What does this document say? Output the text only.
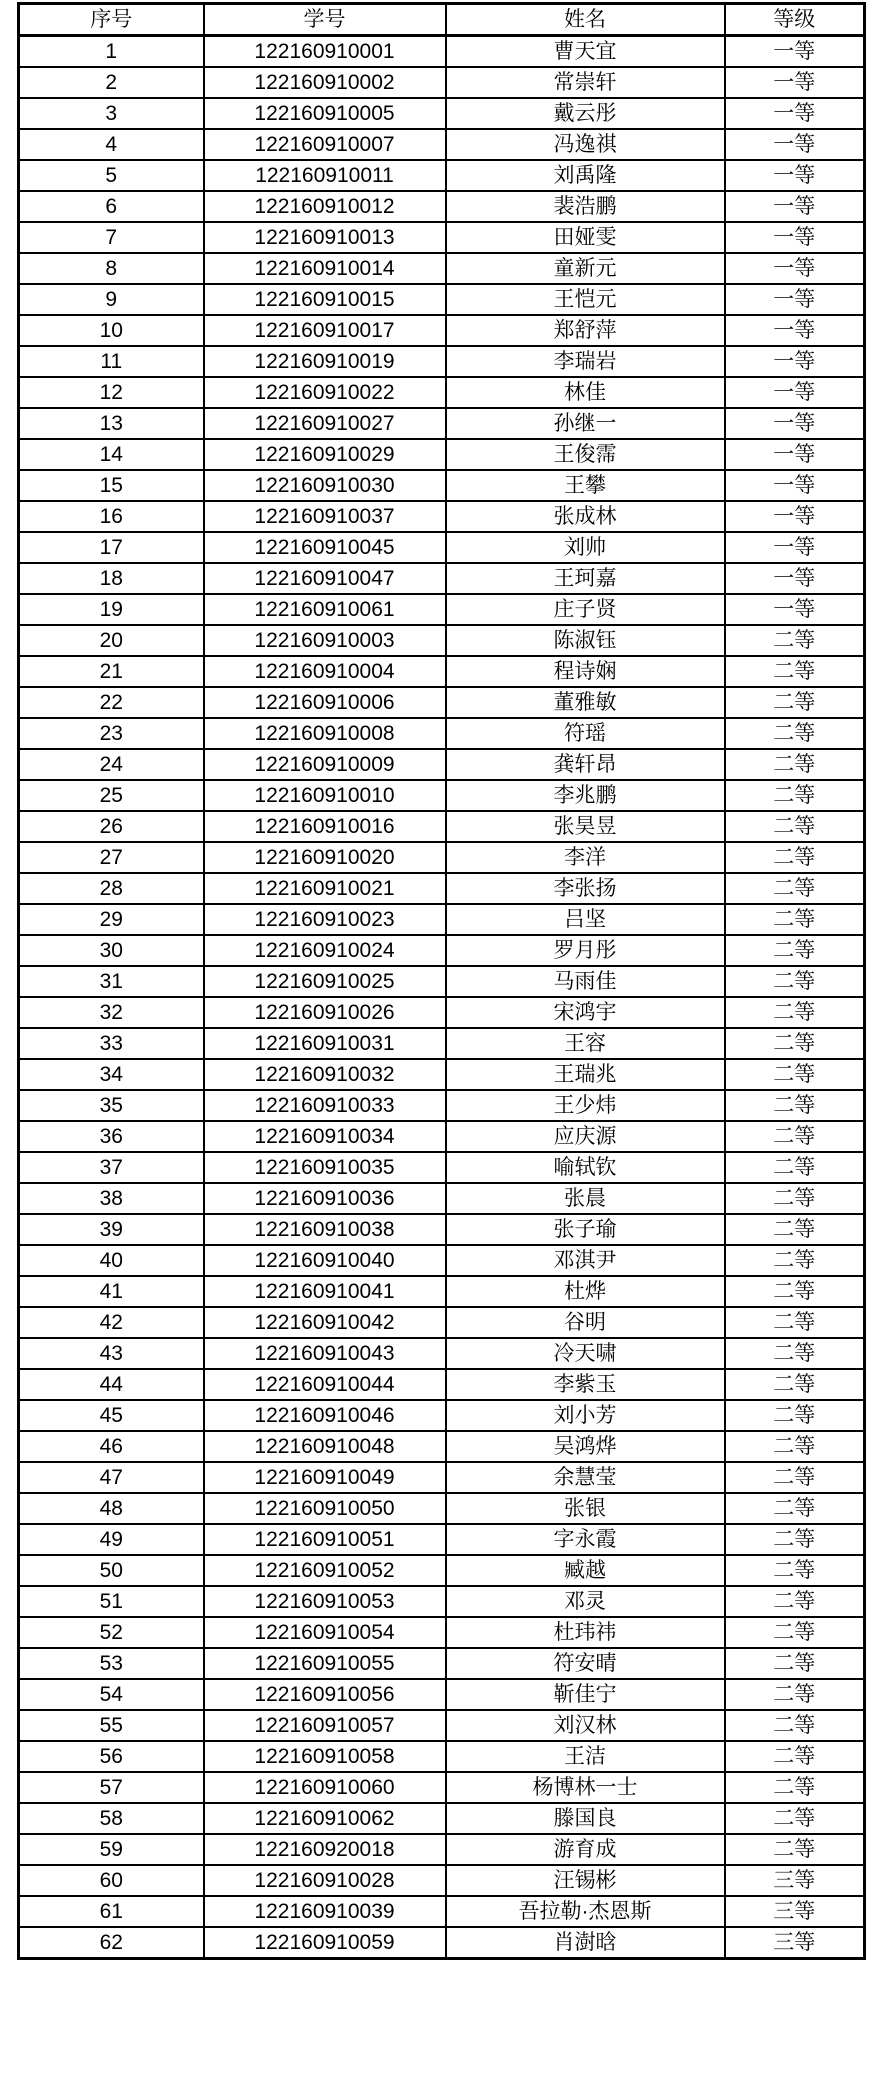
序号	学号	姓名	等级
1	122160910001	曹天宜	一等
2	122160910002	常崇轩	一等
3	122160910005	戴云彤	一等
4	122160910007	冯逸祺	一等
5	122160910011	刘禹隆	一等
6	122160910012	裴浩鹏	一等
7	122160910013	田娅雯	一等
8	122160910014	童新元	一等
9	122160910015	王恺元	一等
10	122160910017	郑舒萍	一等
11	122160910019	李瑞岩	一等
12	122160910022	林佳	一等
13	122160910027	孙继一	一等
14	122160910029	王俊霈	一等
15	122160910030	王攀	一等
16	122160910037	张成林	一等
17	122160910045	刘帅	一等
18	122160910047	王珂嘉	一等
19	122160910061	庄子贤	一等
20	122160910003	陈淑钰	二等
21	122160910004	程诗娴	二等
22	122160910006	董雅敏	二等
23	122160910008	符瑶	二等
24	122160910009	龚轩昂	二等
25	122160910010	李兆鹏	二等
26	122160910016	张昊昱	二等
27	122160910020	李洋	二等
28	122160910021	李张扬	二等
29	122160910023	吕坚	二等
30	122160910024	罗月彤	二等
31	122160910025	马雨佳	二等
32	122160910026	宋鸿宇	二等
33	122160910031	王容	二等
34	122160910032	王瑞兆	二等
35	122160910033	王少炜	二等
36	122160910034	应庆源	二等
37	122160910035	喻轼钦	二等
38	122160910036	张晨	二等
39	122160910038	张子瑜	二等
40	122160910040	邓淇尹	二等
41	122160910041	杜烨	二等
42	122160910042	谷明	二等
43	122160910043	冷天啸	二等
44	122160910044	李紫玉	二等
45	122160910046	刘小芳	二等
46	122160910048	吴鸿烨	二等
47	122160910049	余慧莹	二等
48	122160910050	张银	二等
49	122160910051	字永霞	二等
50	122160910052	臧越	二等
51	122160910053	邓灵	二等
52	122160910054	杜玮祎	二等
53	122160910055	符安晴	二等
54	122160910056	靳佳宁	二等
55	122160910057	刘汉林	二等
56	122160910058	王洁	二等
57	122160910060	杨博林一士	二等
58	122160910062	滕国良	二等
59	122160920018	游育成	二等
60	122160910028	汪锡彬	三等
61	122160910039	吾拉勒·杰恩斯	三等
62	122160910059	肖澍晗	三等
